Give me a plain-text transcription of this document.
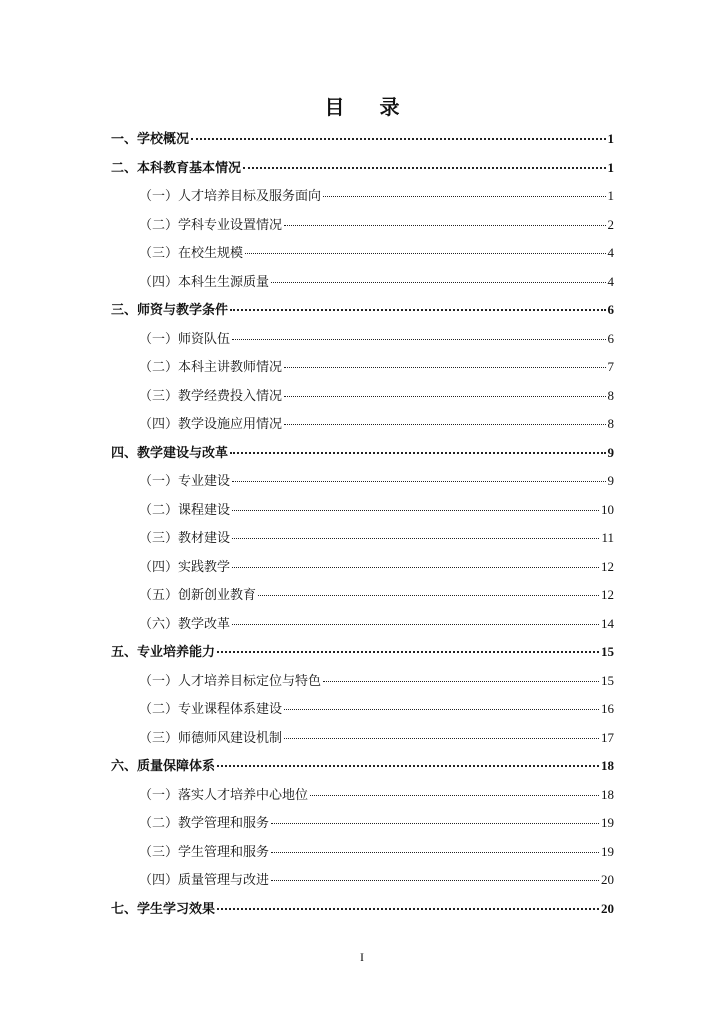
目 录
一、学校概况	1
二、本科教育基本情况	1
（一）人才培养目标及服务面向	1
（二）学科专业设置情况	2
（三）在校生规模	4
（四）本科生生源质量	4
三、师资与教学条件	6
（一）师资队伍	6
（二）本科主讲教师情况	7
（三）教学经费投入情况	8
（四）教学设施应用情况	8
四、教学建设与改革	9
（一）专业建设	9
（二）课程建设	10
（三）教材建设	11
（四）实践教学	12
（五）创新创业教育	12
（六）教学改革	14
五、专业培养能力	15
（一）人才培养目标定位与特色	15
（二）专业课程体系建设	16
（三）师德师风建设机制	17
六、质量保障体系	18
（一）落实人才培养中心地位	18
（二）教学管理和服务	19
（三）学生管理和服务	19
（四）质量管理与改进	20
七、学生学习效果	20
I
